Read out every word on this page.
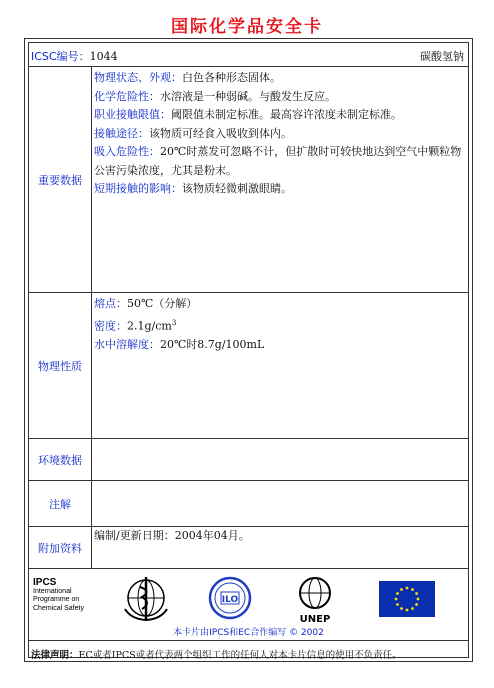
国际化学品安全卡
ICSC编号：1044	碳酸氢钠
重要数据
物理状态、外观：白色各种形态固体。
化学危险性：水溶液是一种弱碱。与酸发生反应。
职业接触限值：阈限值未制定标准。最高容许浓度未制定标准。
接触途径：该物质可经食入吸收到体内。
吸入危险性：20℃时蒸发可忽略不计，但扩散时可较快地达到空气中颗粒物公害污染浓度，尤其是粉末。
短期接触的影响：该物质轻微刺激眼睛。
物理性质
熔点：50℃（分解）
密度：$2.1g/cm^3$
水中溶解度：20℃时8.7g/100mL
环境数据
注解
附加资料
编制/更新日期：2004年04月。
IPCS
International
Programme on
Chemical Safety
ILO
UNEP
本卡片由IPCS和EC合作编写 © 2002
法律声明：EC或者IPCS或者代表两个组织工作的任何人对本卡片信息的使用不负责任。
